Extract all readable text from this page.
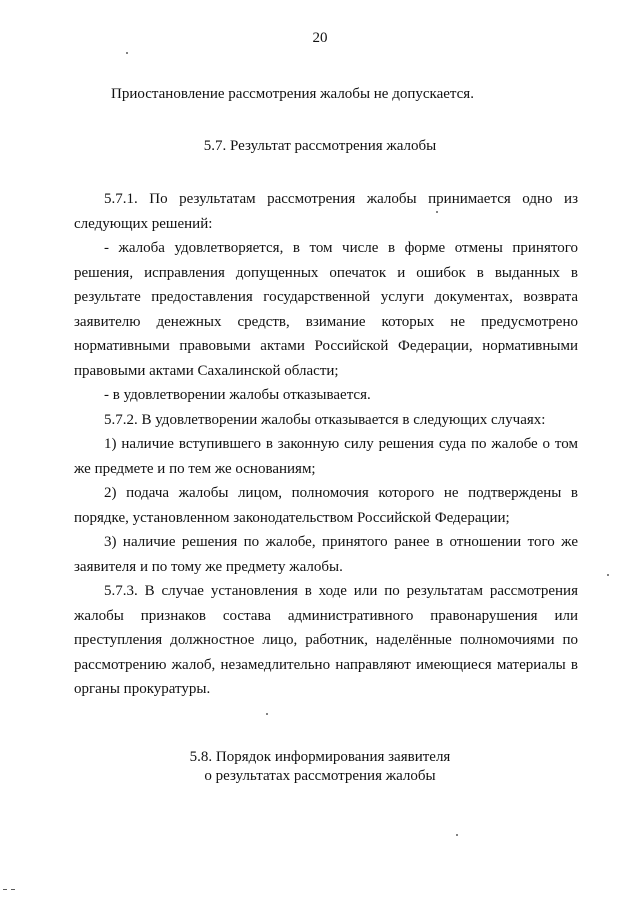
20

Приостановление рассмотрения жалобы не допускается.

5.7. Результат рассмотрения жалобы

5.7.1. По результатам рассмотрения жалобы принимается одно из следующих решений:

- жалоба удовлетворяется, в том числе в форме отмены принятого решения, исправления допущенных опечаток и ошибок в выданных в результате предоставления государственной услуги документах, возврата заявителю денежных средств, взимание которых не предусмотрено нормативными правовыми актами Российской Федерации, нормативными правовыми актами Сахалинской области;

- в удовлетворении жалобы отказывается.

5.7.2. В удовлетворении жалобы отказывается в следующих случаях:

1) наличие вступившего в законную силу решения суда по жалобе о том же предмете и по тем же основаниям;

2) подача жалобы лицом, полномочия которого не подтверждены в порядке, установленном законодательством Российской Федерации;

3) наличие решения по жалобе, принятого ранее в отношении того же заявителя и по тому же предмету жалобы.

5.7.3. В случае установления в ходе или по результатам рассмотрения жалобы признаков состава административного правонарушения или преступления должностное лицо, работник, наделённые полномочиями по рассмотрению жалоб, незамедлительно направляют имеющиеся материалы в органы прокуратуры.

5.8. Порядок информирования заявителя
о результатах рассмотрения жалобы
